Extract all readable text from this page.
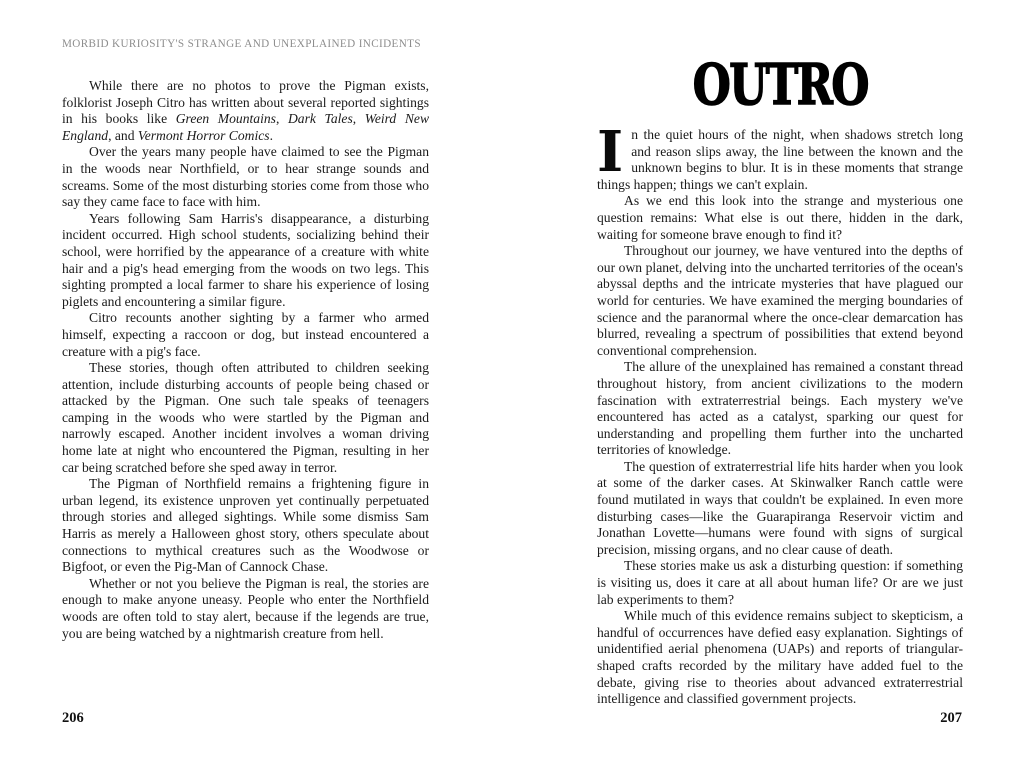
MORBID KURIOSITY'S STRANGE AND UNEXPLAINED INCIDENTS

While there are no photos to prove the Pigman exists, folklorist Joseph Citro has written about several reported sightings in his books like Green Mountains, Dark Tales, Weird New England, and Vermont Horror Comics.

Over the years many people have claimed to see the Pigman in the woods near Northfield, or to hear strange sounds and screams. Some of the most disturbing stories come from those who say they came face to face with him.

Years following Sam Harris's disappearance, a disturbing incident occurred. High school students, socializing behind their school, were horrified by the appearance of a creature with white hair and a pig's head emerging from the woods on two legs. This sighting prompted a local farmer to share his experience of losing piglets and encountering a similar figure.

Citro recounts another sighting by a farmer who armed himself, expecting a raccoon or dog, but instead encountered a creature with a pig's face.

These stories, though often attributed to children seeking attention, include disturbing accounts of people being chased or attacked by the Pigman. One such tale speaks of teenagers camping in the woods who were startled by the Pigman and narrowly escaped. Another incident involves a woman driving home late at night who encountered the Pigman, resulting in her car being scratched before she sped away in terror.

The Pigman of Northfield remains a frightening figure in urban legend, its existence unproven yet continually perpetuated through stories and alleged sightings. While some dismiss Sam Harris as merely a Halloween ghost story, others speculate about connections to mythical creatures such as the Woodwose or Bigfoot, or even the Pig-Man of Cannock Chase.

Whether or not you believe the Pigman is real, the stories are enough to make anyone uneasy. People who enter the Northfield woods are often told to stay alert, because if the legends are true, you are being watched by a nightmarish creature from hell.

OUTRO

In the quiet hours of the night, when shadows stretch long and reason slips away, the line between the known and the unknown begins to blur. It is in these moments that strange things happen; things we can't explain.

As we end this look into the strange and mysterious one question remains: What else is out there, hidden in the dark, waiting for someone brave enough to find it?

Throughout our journey, we have ventured into the depths of our own planet, delving into the uncharted territories of the ocean's abyssal depths and the intricate mysteries that have plagued our world for centuries. We have examined the merging boundaries of science and the paranormal where the once-clear demarcation has blurred, revealing a spectrum of possibilities that extend beyond conventional comprehension.

The allure of the unexplained has remained a constant thread throughout history, from ancient civilizations to the modern fascination with extraterrestrial beings. Each mystery we've encountered has acted as a catalyst, sparking our quest for understanding and propelling them further into the uncharted territories of knowledge.

The question of extraterrestrial life hits harder when you look at some of the darker cases. At Skinwalker Ranch cattle were found mutilated in ways that couldn't be explained. In even more disturbing cases—like the Guarapiranga Reservoir victim and Jonathan Lovette—humans were found with signs of surgical precision, missing organs, and no clear cause of death.

These stories make us ask a disturbing question: if something is visiting us, does it care at all about human life? Or are we just lab experiments to them?

While much of this evidence remains subject to skepticism, a handful of occurrences have defied easy explanation. Sightings of unidentified aerial phenomena (UAPs) and reports of triangular-shaped crafts recorded by the military have added fuel to the debate, giving rise to theories about advanced extraterrestrial intelligence and classified government projects.

206	207
